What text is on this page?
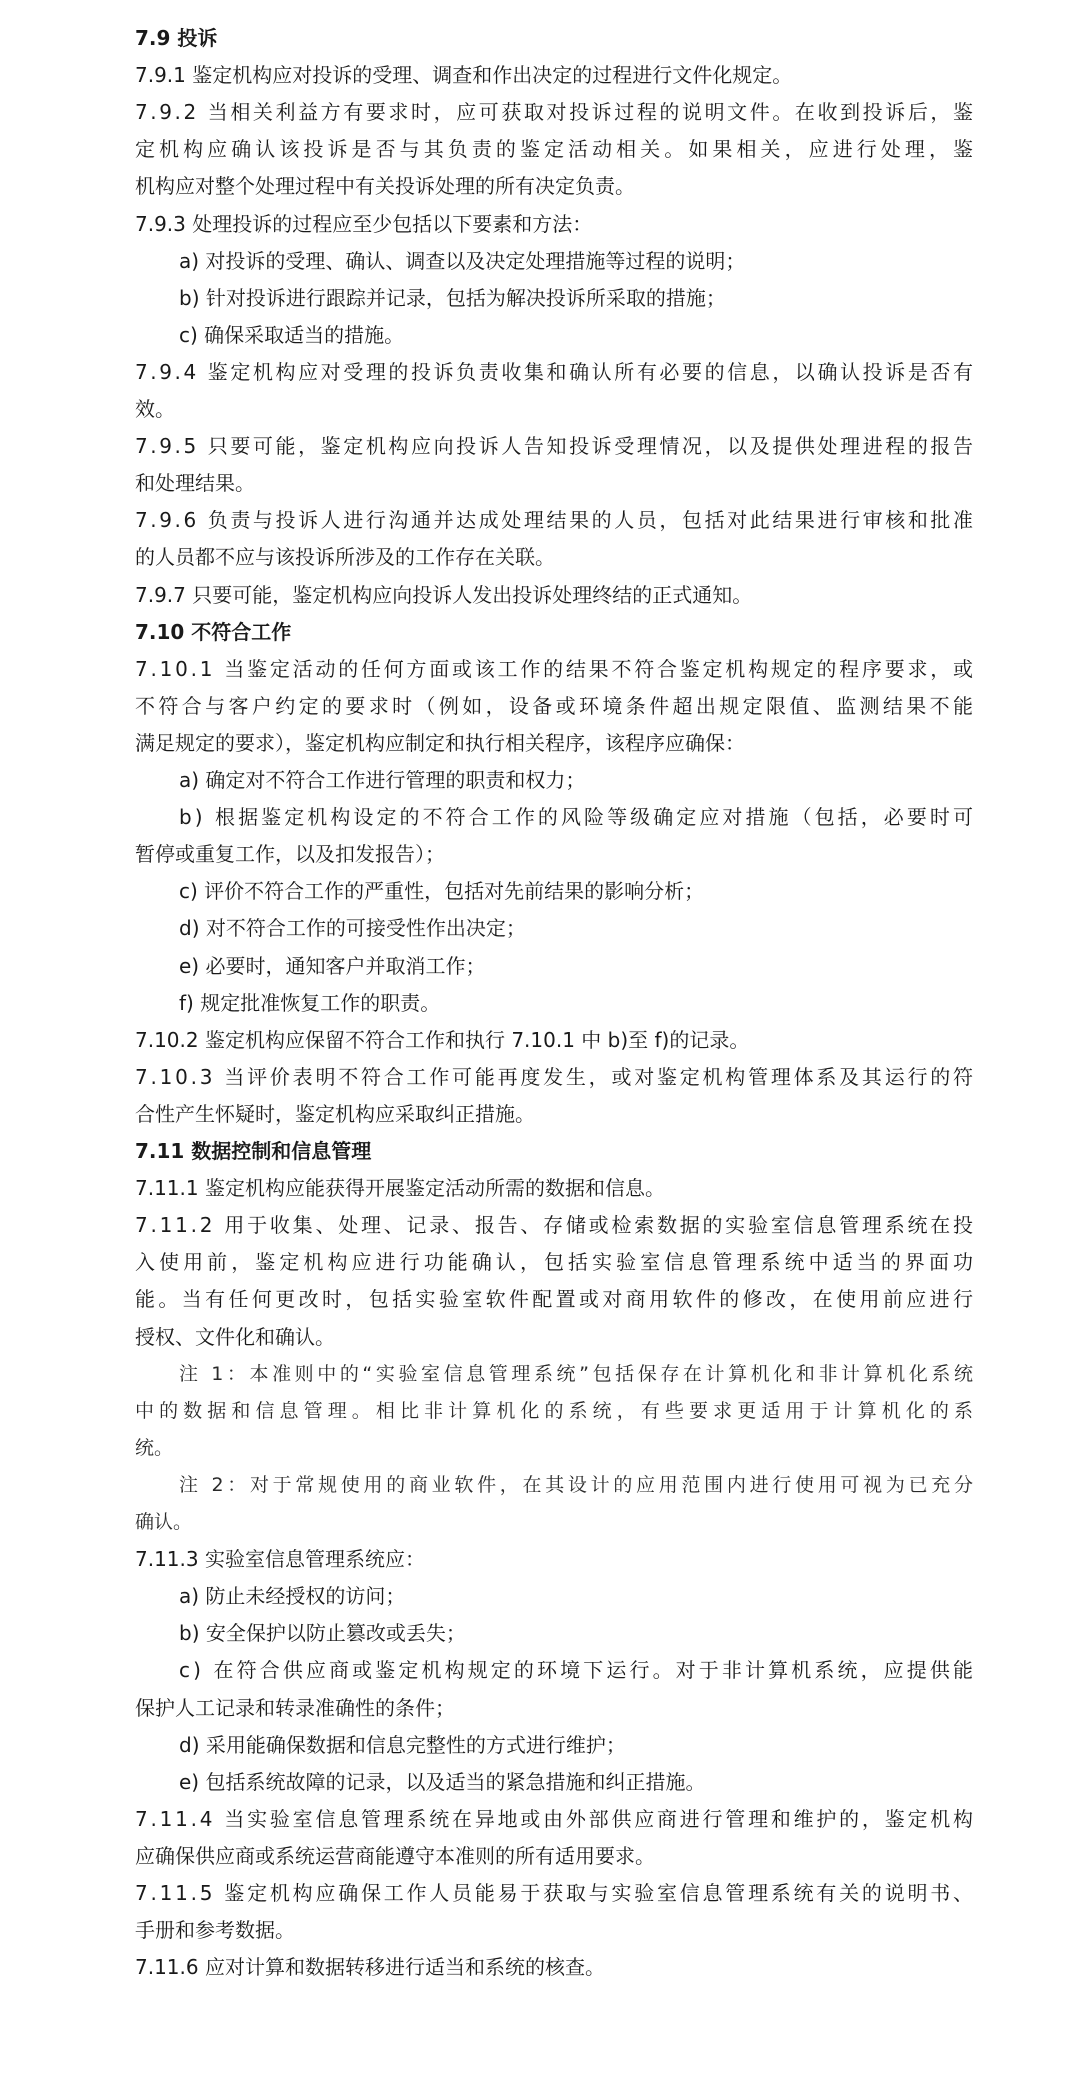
7.9 投诉
7.9.1 鉴定机构应对投诉的受理、调查和作出决定的过程进行文件化规定。
7.9.2 当相关利益方有要求时，应可获取对投诉过程的说明文件。在收到投诉后，鉴
定机构应确认该投诉是否与其负责的鉴定活动相关。如果相关，应进行处理，鉴
机构应对整个处理过程中有关投诉处理的所有决定负责。
7.9.3 处理投诉的过程应至少包括以下要素和方法：
a) 对投诉的受理、确认、调查以及决定处理措施等过程的说明；
b) 针对投诉进行跟踪并记录，包括为解决投诉所采取的措施；
c) 确保采取适当的措施。
7.9.4 鉴定机构应对受理的投诉负责收集和确认所有必要的信息，以确认投诉是否有
效。
7.9.5 只要可能，鉴定机构应向投诉人告知投诉受理情况，以及提供处理进程的报告
和处理结果。
7.9.6 负责与投诉人进行沟通并达成处理结果的人员，包括对此结果进行审核和批准
的人员都不应与该投诉所涉及的工作存在关联。
7.9.7 只要可能，鉴定机构应向投诉人发出投诉处理终结的正式通知。
7.10 不符合工作
7.10.1 当鉴定活动的任何方面或该工作的结果不符合鉴定机构规定的程序要求，或
不符合与客户约定的要求时（例如，设备或环境条件超出规定限值、监测结果不能
满足规定的要求），鉴定机构应制定和执行相关程序，该程序应确保：
a) 确定对不符合工作进行管理的职责和权力；
b) 根据鉴定机构设定的不符合工作的风险等级确定应对措施（包括，必要时可
暂停或重复工作，以及扣发报告）；
c) 评价不符合工作的严重性，包括对先前结果的影响分析；
d) 对不符合工作的可接受性作出决定；
e) 必要时，通知客户并取消工作；
f) 规定批准恢复工作的职责。
7.10.2 鉴定机构应保留不符合工作和执行 7.10.1 中 b)至 f)的记录。
7.10.3 当评价表明不符合工作可能再度发生，或对鉴定机构管理体系及其运行的符
合性产生怀疑时，鉴定机构应采取纠正措施。
7.11 数据控制和信息管理
7.11.1 鉴定机构应能获得开展鉴定活动所需的数据和信息。
7.11.2 用于收集、处理、记录、报告、存储或检索数据的实验室信息管理系统在投
入使用前，鉴定机构应进行功能确认，包括实验室信息管理系统中适当的界面功
能。当有任何更改时，包括实验室软件配置或对商用软件的修改，在使用前应进行
授权、文件化和确认。
注 1：本准则中的“实验室信息管理系统”包括保存在计算机化和非计算机化系统
中的数据和信息管理。相比非计算机化的系统，有些要求更适用于计算机化的系
统。
注 2：对于常规使用的商业软件，在其设计的应用范围内进行使用可视为已充分
确认。
7.11.3 实验室信息管理系统应：
a) 防止未经授权的访问；
b) 安全保护以防止篡改或丢失；
c) 在符合供应商或鉴定机构规定的环境下运行。对于非计算机系统，应提供能
保护人工记录和转录准确性的条件；
d) 采用能确保数据和信息完整性的方式进行维护；
e) 包括系统故障的记录，以及适当的紧急措施和纠正措施。
7.11.4 当实验室信息管理系统在异地或由外部供应商进行管理和维护的，鉴定机构
应确保供应商或系统运营商能遵守本准则的所有适用要求。
7.11.5 鉴定机构应确保工作人员能易于获取与实验室信息管理系统有关的说明书、
手册和参考数据。
7.11.6 应对计算和数据转移进行适当和系统的核查。
